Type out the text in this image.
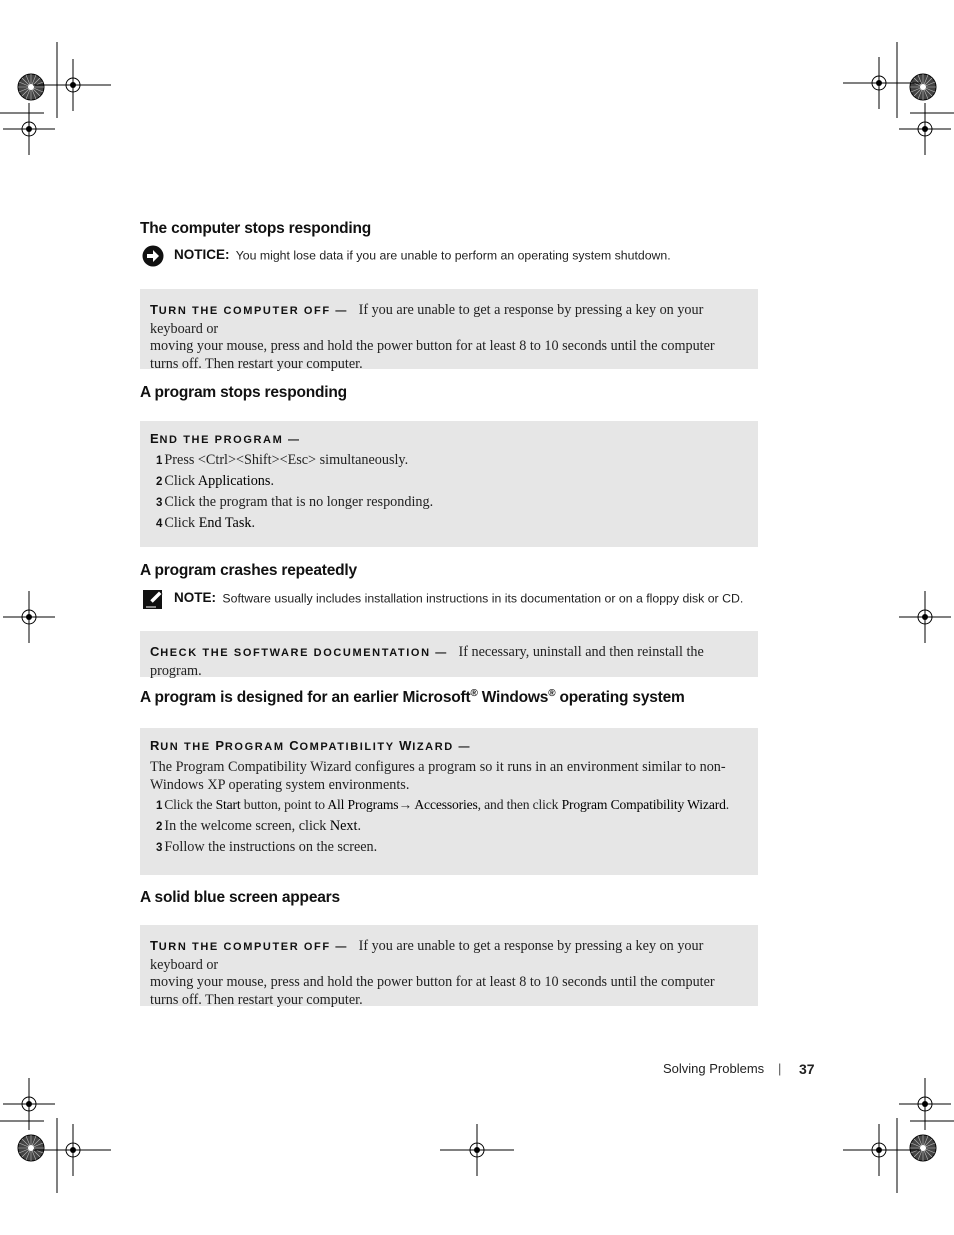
The computer stops responding
NOTICE: You might lose data if you are unable to perform an operating system shutdown.
TURN THE COMPUTER OFF — If you are unable to get a response by pressing a key on your keyboard or
moving your mouse, press and hold the power button for at least 8 to 10 seconds until the computer
turns off. Then restart your computer.
A program stops responding
END THE PROGRAM —
1 Press <Ctrl><Shift><Esc> simultaneously.
2 Click Applications.
3 Click the program that is no longer responding.
4 Click End Task.
A program crashes repeatedly
NOTE: Software usually includes installation instructions in its documentation or on a floppy disk or CD.
CHECK THE SOFTWARE DOCUMENTATION — If necessary, uninstall and then reinstall the program.
A program is designed for an earlier Microsoft® Windows® operating system
RUN THE PROGRAM COMPATIBILITY WIZARD —
The Program Compatibility Wizard configures a program so it runs in an environment similar to non-
Windows XP operating system environments.
1 Click the Start button, point to All Programs→ Accessories, and then click Program Compatibility Wizard.
2 In the welcome screen, click Next.
3 Follow the instructions on the screen.
A solid blue screen appears
TURN THE COMPUTER OFF — If you are unable to get a response by pressing a key on your keyboard or
moving your mouse, press and hold the power button for at least 8 to 10 seconds until the computer
turns off. Then restart your computer.
Solving Problems | 37
